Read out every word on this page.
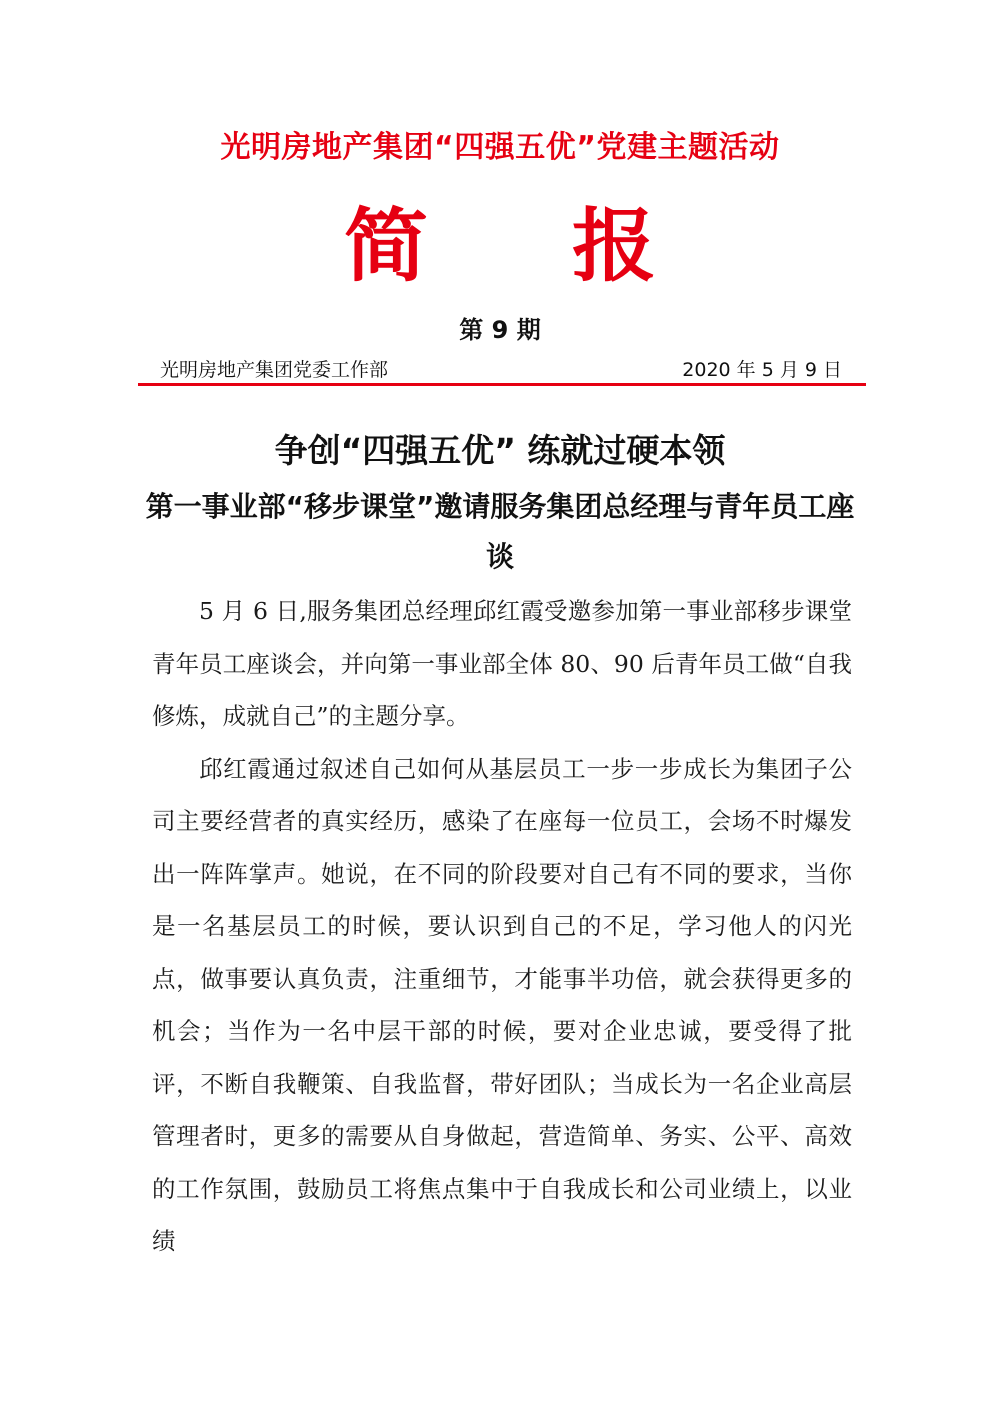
光明房地产集团“四强五优”党建主题活动
简 报
第 9 期
光明房地产集团党委工作部	2020 年 5 月 9 日
争创“四强五优” 练就过硬本领
第一事业部“移步课堂”邀请服务集团总经理与青年员工座谈

5 月 6 日,服务集团总经理邱红霞受邀参加第一事业部移步课堂青年员工座谈会，并向第一事业部全体 80、90 后青年员工做“自我修炼，成就自己”的主题分享。

邱红霞通过叙述自己如何从基层员工一步一步成长为集团子公司主要经营者的真实经历，感染了在座每一位员工，会场不时爆发出一阵阵掌声。她说，在不同的阶段要对自己有不同的要求，当你是一名基层员工的时候，要认识到自己的不足，学习他人的闪光点，做事要认真负责，注重细节，才能事半功倍，就会获得更多的机会；当作为一名中层干部的时候，要对企业忠诚，要受得了批评，不断自我鞭策、自我监督，带好团队；当成长为一名企业高层管理者时，更多的需要从自身做起，营造简单、务实、公平、高效的工作氛围，鼓励员工将焦点集中于自我成长和公司业绩上，以业绩
